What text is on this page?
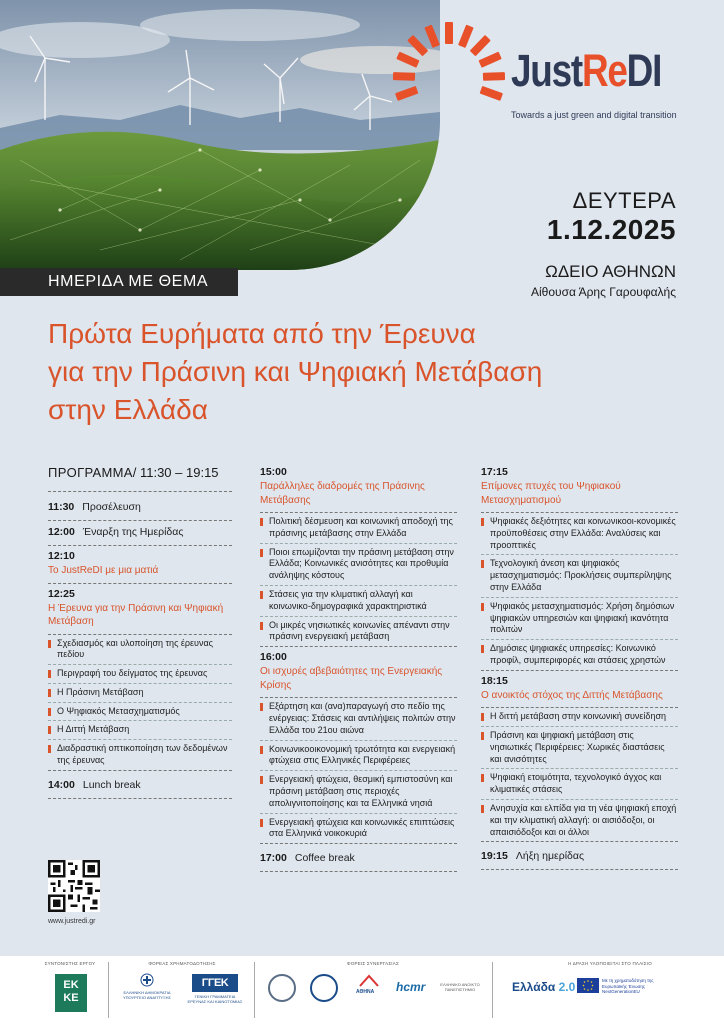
ΗΜΕΡΙΔΑ ΜΕ ΘΕΜΑ
JustReDI
Towards a just green and digital transition
ΔΕΥΤΕΡΑ
1.12.2025
ΩΔΕΙΟ ΑΘΗΝΩΝ
Αίθουσα Άρης Γαρουφαλής
Πρώτα Ευρήματα από την Έρευνα
για την Πράσινη και Ψηφιακή Μετάβαση
στην Ελλάδα
ΠΡΟΓΡΑΜΜΑ / 11:30 – 19:15
11:30 Προσέλευση
12:00 Έναρξη της Ημερίδας
12:10
Το JustReDI με μια ματιά
12:25
Η Έρευνα για την Πράσινη και Ψηφιακή Μετάβαση
Σχεδιασμός και υλοποίηση της έρευνας πεδίου
Περιγραφή του δείγματος της έρευνας
Η Πράσινη Μετάβαση
Ο Ψηφιακός Μετασχηματισμός
Η Διττή Μετάβαση
Διαδραστική οπτικοποίηση των δεδομένων της έρευνας
14:00 Lunch break
15:00
Παράλληλες διαδρομές της Πράσινης Μετάβασης
Πολιτική δέσμευση και κοινωνική αποδοχή της πράσινης μετάβασης στην Ελλάδα
Ποιοι επωμίζονται την πράσινη μετάβαση στην Ελλάδα; Κοινωνικές ανισότητες και προθυμία ανάληψης κόστους
Στάσεις για την κλιματική αλλαγή και κοινωνικο-δημογραφικά χαρακτηριστικά
Οι μικρές νησιωτικές κοινωνίες απέναντι στην πράσινη ενεργειακή μετάβαση
16:00
Οι ισχυρές αβεβαιότητες της Ενεργειακής Κρίσης
Εξάρτηση και (ανα)παραγωγή στο πεδίο της ενέργειας: Στάσεις και αντιλήψεις πολιτών στην Ελλάδα του 21ου αιώνα
Κοινωνικοοικονομική τρωτότητα και ενεργειακή φτώχεια στις Ελληνικές Περιφέρειες
Ενεργειακή φτώχεια, θεσμική εμπιστοσύνη και πράσινη μετάβαση στις περιοχές απολιγνιτοποίησης και τα Ελληνικά νησιά
Ενεργειακή φτώχεια και κοινωνικές επιπτώσεις στα Ελληνικά νοικοκυριά
17:00 Coffee break
17:15
Επίμονες πτυχές του Ψηφιακού Μετασχηματισμού
Ψηφιακές δεξιότητες και κοινωνικοοι-κονομικές προϋποθέσεις στην Ελλάδα: Αναλύσεις και προοπτικές
Τεχνολογική άνεση και ψηφιακός μετασχηματισμός: Προκλήσεις συμπερίληψης στην Ελλάδα
Ψηφιακός μετασχηματισμός: Χρήση δημόσιων ψηφιακών υπηρεσιών και ψηφιακή ικανότητα πολιτών
Δημόσιες ψηφιακές υπηρεσίες: Κοινωνικό προφίλ, συμπεριφορές και στάσεις χρηστών
18:15
Ο ανοικτός στόχος της Διττής Μετάβασης
Η διττή μετάβαση στην κοινωνική συνείδηση
Πράσινη και ψηφιακή μετάβαση στις νησιωτικές Περιφέρειες: Χωρικές διαστάσεις και ανισότητες
Ψηφιακή ετοιμότητα, τεχνολογικό άγχος και κλιματικές στάσεις
Ανησυχία και ελπίδα για τη νέα ψηφιακή εποχή και την κλιματική αλλαγή: οι αισιόδοξοι, οι απαισιόδοξοι και οι άλλοι
19:15 Λήξη ημερίδας
www.justredi.gr
ΣΥΝΤΟΝΙΣΤΗΣ ΕΡΓΟΥ
ΕΚ
ΚΕ
ΦΟΡΕΑΣ ΧΡΗΜΑΤΟΔΟΤΗΣΗΣ
ΕΛΛΗΝΙΚΗ ΔΗΜΟΚΡΑΤΙΑ ΥΠΟΥΡΓΕΙΟ ΑΝΑΠΤΥΞΗΣ
ΓΓΕΚ
ΓΕΝΙΚΗ ΓΡΑΜΜΑΤΕΙΑ ΕΡΕΥΝΑΣ ΚΑΙ ΚΑΙΝΟΤΟΜΙΑΣ
ΦΟΡΕΙΣ ΣΥΝΕΡΓΑΣΙΑΣ
ΑΘΗΝΑ hcmr	ΕΛΛΗΝΙΚΟ ΑΝΟΙΚΤΟ ΠΑΝΕΠΙΣΤΗΜΙΟ
Η ΔΡΑΣΗ ΥΛΟΠΟΙΕΙΤΑΙ ΣΤΟ ΠΛΑΙΣΙΟ
Ελλάδα 2.0	Με τη χρηματοδότηση της Ευρωπαϊκής Ένωσης NextGenerationEU
